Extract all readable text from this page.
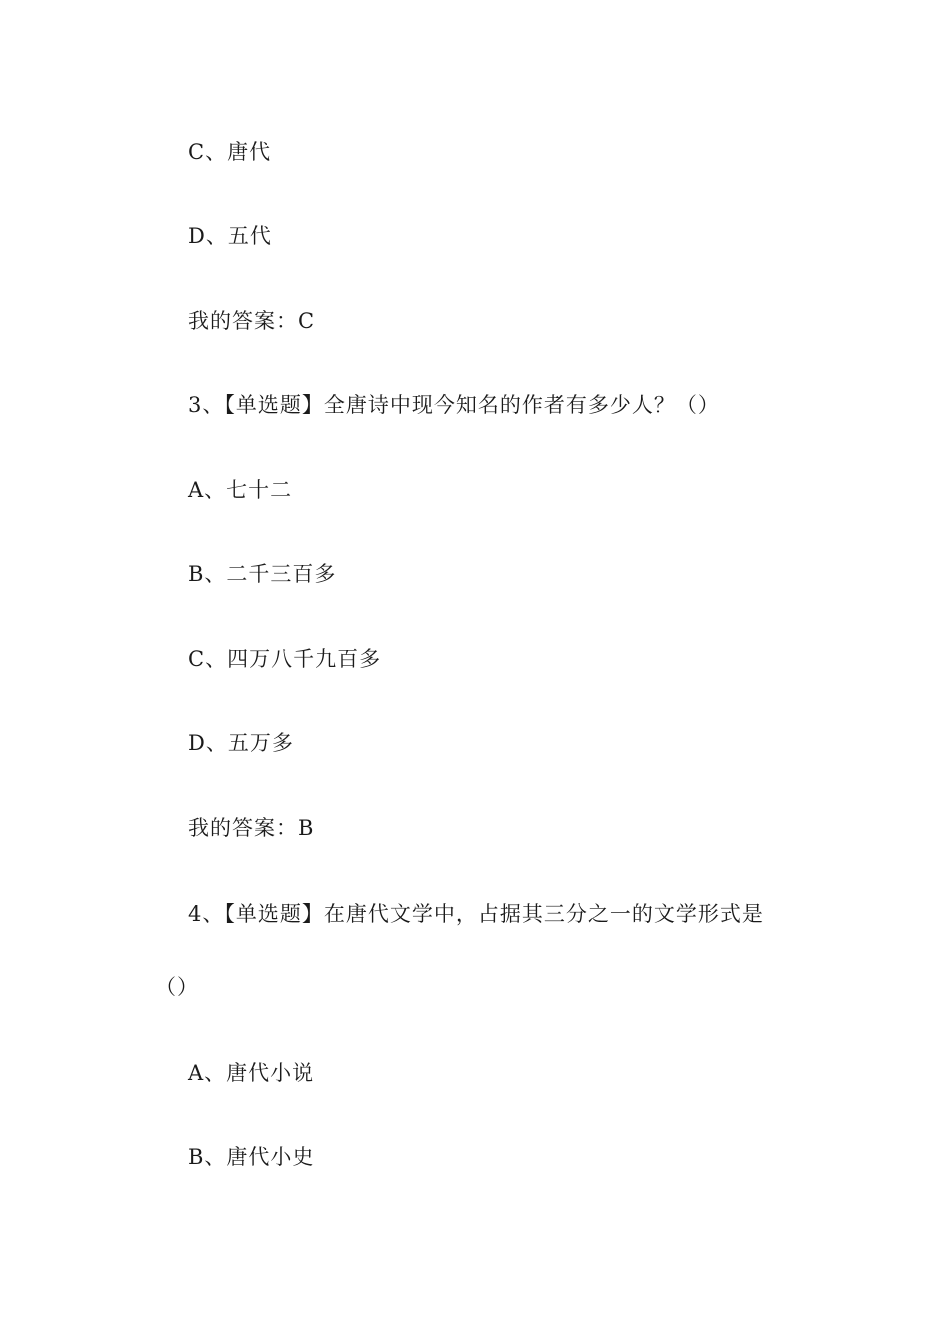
C、唐代
D、五代
我的答案：C
3、【单选题】全唐诗中现今知名的作者有多少人？（）
A、七十二
B、二千三百多
C、四万八千九百多
D、五万多
我的答案：B
4、【单选题】在唐代文学中，占据其三分之一的文学形式是
（）
A、唐代小说
B、唐代小史
